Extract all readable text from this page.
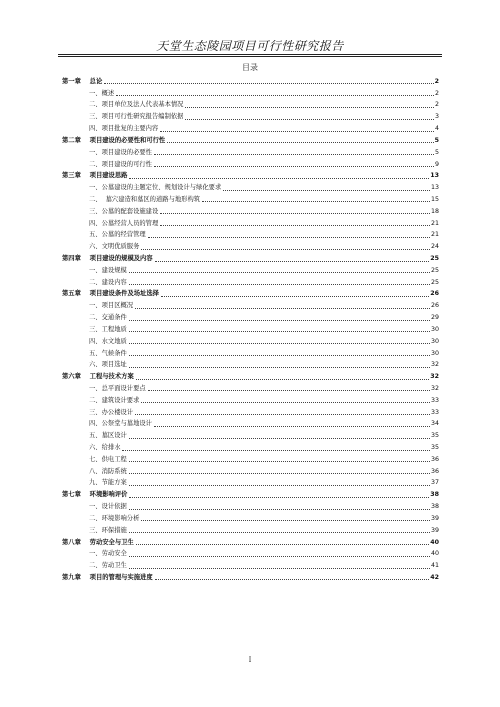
天堂生态陵园项目可行性研究报告
目录
第一章    总论	2
一、概述	2
二、项目单位及法人代表基本情况	2
三、项目可行性研究报告编制依据	3
四、项目批复的主要内容	4
第二章    项目建设的必要性和可行性	5
一、项目建设的必要性	5
二、项目建设的可行性	9
第三章    项目建设思路	13
一、公墓建设的主题定位、规划设计与绿化要求	13
二、  墓穴建造和墓区的道路与地形构筑	15
三、公墓的配套设施建设	18
四、公墓经营人员的管理	21
五、公墓的经营管理	21
六、文明优质服务	24
第四章    项目建设的规模及内容	25
一、建设规模	25
二、建设内容	25
第五章    项目建设条件及场址选择	26
一、项目区概况	26
二、交通条件	29
三、工程地质	30
四、水文地质	30
五、气候条件	30
六、项目选址	32
第六章    工程与技术方案	32
一、总平面设计要点	32
二、建筑设计要求	33
三、办公楼设计	33
四、公祭堂与墓地设计	34
五、墓区设计	35
六、给排水	35
七、供电工程	36
八、消防系统	36
九、节能方案	37
第七章    环境影响评价	38
一、设计依据	38
二、环境影响分析	39
三、环保措施	39
第八章    劳动安全与卫生	40
一、劳动安全	40
二、劳动卫生	41
第九章    项目的管理与实施进度	42
I
